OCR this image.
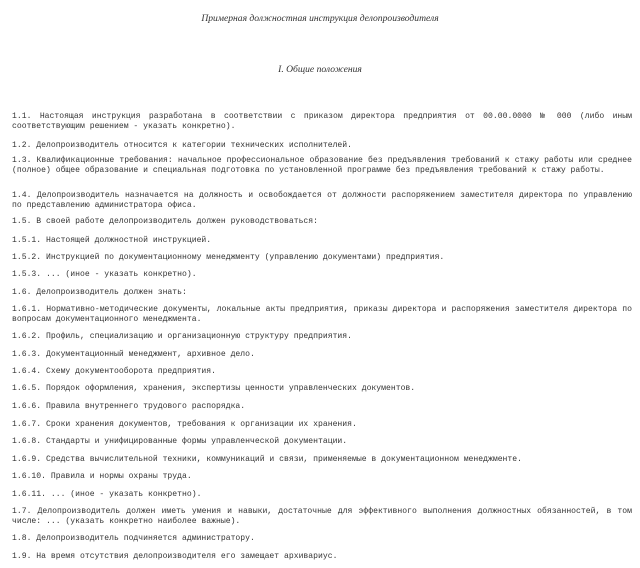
Примерная должностная инструкция делопроизводителя
I. Общие положения
1.1. Настоящая инструкция разработана в соответствии с приказом директора предприятия от 00.00.0000 № 000 (либо иным соответствующим решением - указать конкретно).
1.2. Делопроизводитель относится к категории технических исполнителей.
1.3. Квалификационные требования: начальное профессиональное образование без предъявления требований к стажу работы или среднее (полное) общее образование и специальная подготовка по установленной программе без предъявления требований к стажу работы.
1.4. Делопроизводитель назначается на должность и освобождается от должности распоряжением заместителя директора по управлению по представлению администратора офиса.
1.5. В своей работе делопроизводитель должен руководствоваться:
1.5.1. Настоящей должностной инструкцией.
1.5.2. Инструкцией по документационному менеджменту (управлению документами) предприятия.
1.5.3. ... (иное - указать конкретно).
1.6. Делопроизводитель должен знать:
1.6.1. Нормативно-методические документы, локальные акты предприятия, приказы директора и распоряжения заместителя директора по вопросам документационного менеджмента.
1.6.2. Профиль, специализацию и организационную структуру предприятия.
1.6.3. Документационный менеджмент, архивное дело.
1.6.4. Схему документооборота предприятия.
1.6.5. Порядок оформления, хранения, экспертизы ценности управленческих документов.
1.6.6. Правила внутреннего трудового распорядка.
1.6.7. Сроки хранения документов, требования к организации их хранения.
1.6.8. Стандарты и унифицированные формы управленческой документации.
1.6.9. Средства вычислительной техники, коммуникаций и связи, применяемые в документационном менеджменте.
1.6.10. Правила и нормы охраны труда.
1.6.11. ... (иное - указать конкретно).
1.7. Делопроизводитель должен иметь умения и навыки, достаточные для эффективного выполнения должностных обязанностей, в том числе: ... (указать конкретно наиболее важные).
1.8. Делопроизводитель подчиняется администратору.
1.9. На время отсутствия делопроизводителя его замещает архивариус.
